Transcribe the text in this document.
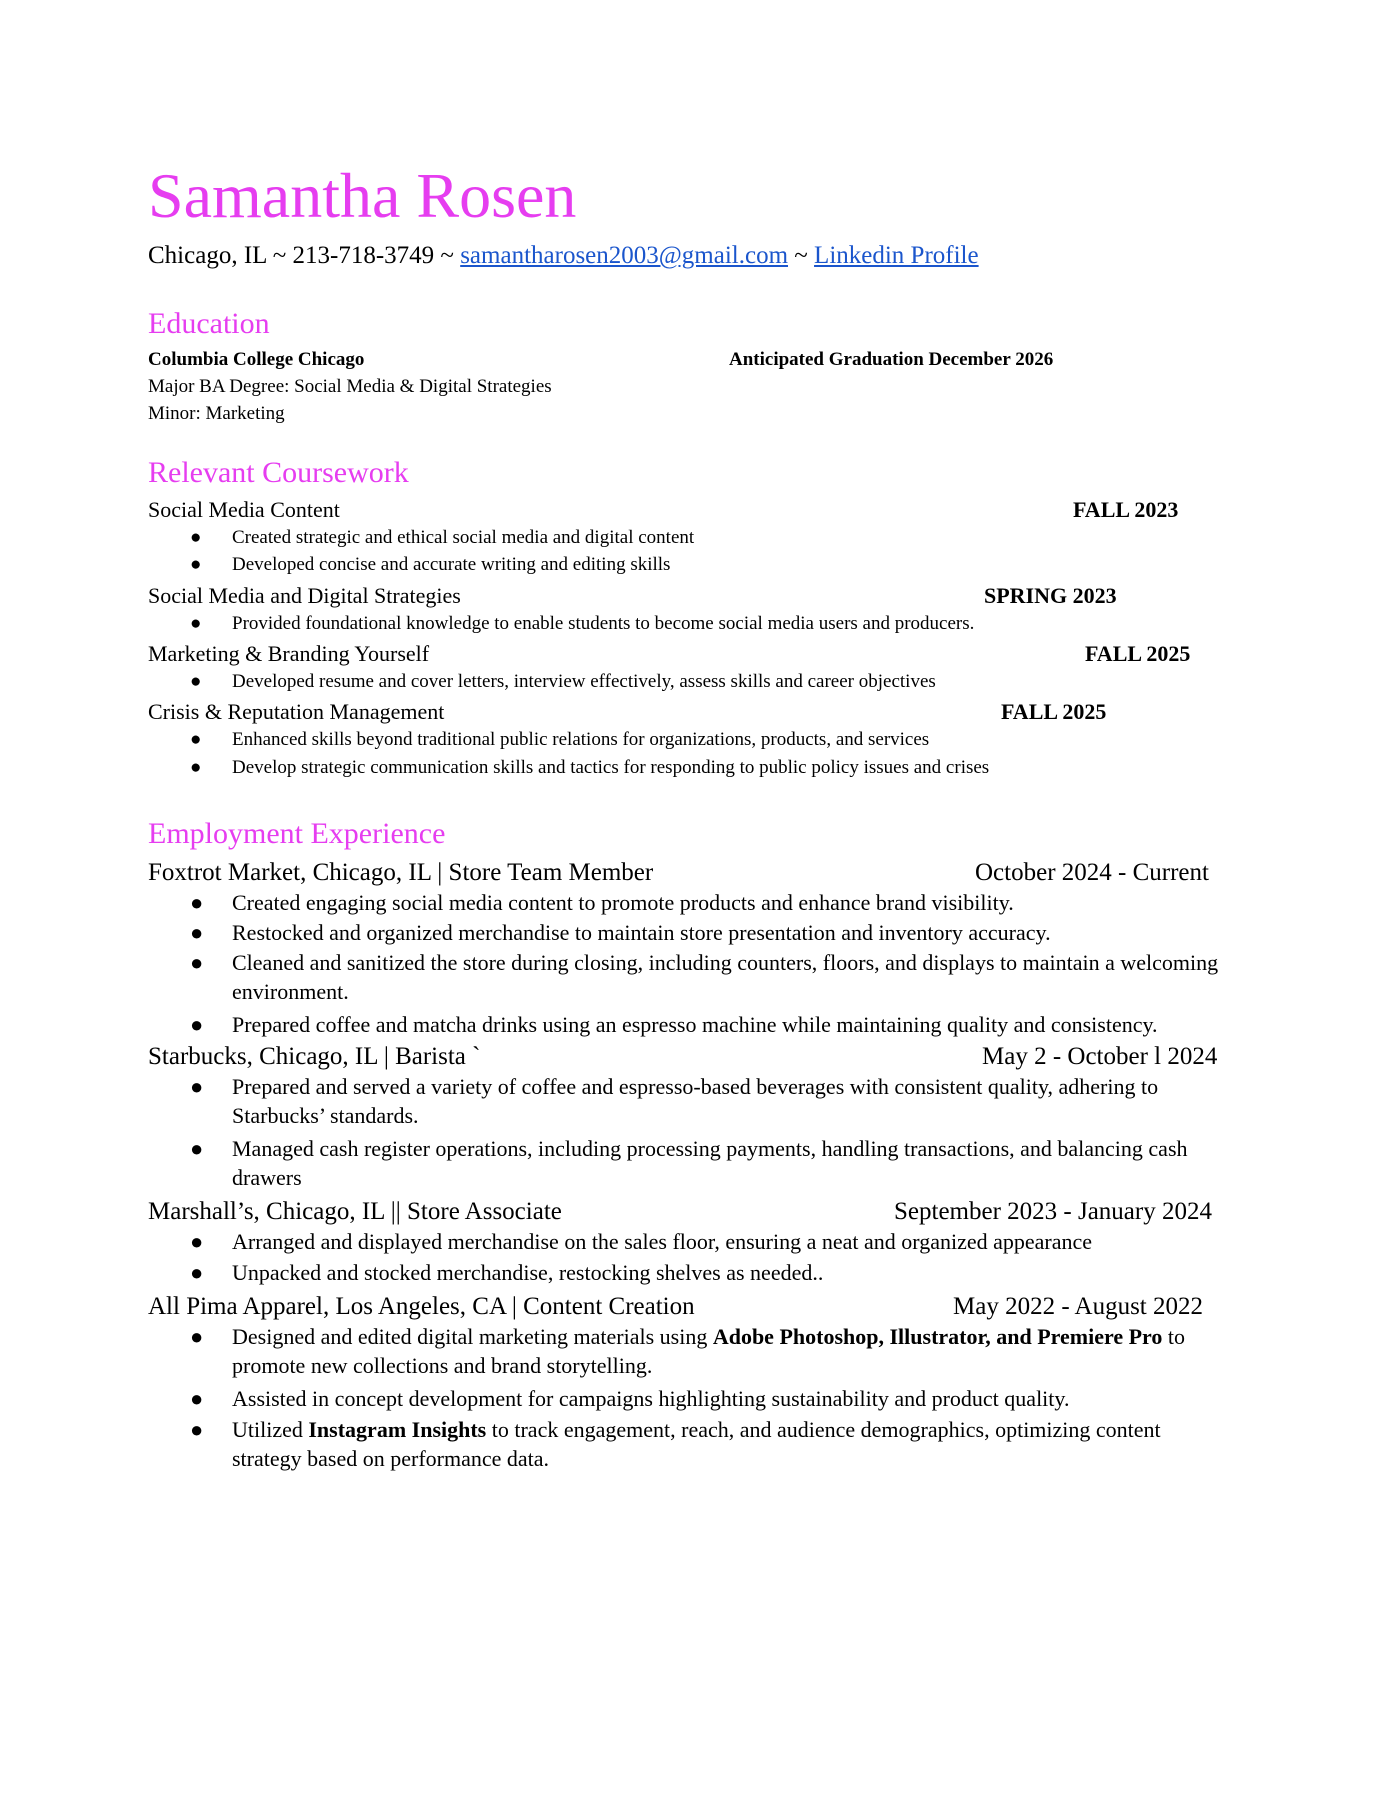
Samantha Rosen
Chicago, IL ~ 213-718-3749 ~ samantharosen2003@gmail.com ~ Linkedin Profile
Education
Columbia College Chicago	Anticipated Graduation December 2026
Major BA Degree: Social Media & Digital Strategies
Minor: Marketing
Relevant Coursework
Social Media Content	FALL 2023
● Created strategic and ethical social media and digital content
● Developed concise and accurate writing and editing skills
Social Media and Digital Strategies	SPRING 2023
● Provided foundational knowledge to enable students to become social media users and producers.
Marketing & Branding Yourself	FALL 2025
● Developed resume and cover letters, interview effectively, assess skills and career objectives
Crisis & Reputation Management	FALL 2025
● Enhanced skills beyond traditional public relations for organizations, products, and services
● Develop strategic communication skills and tactics for responding to public policy issues and crises
Employment Experience
Foxtrot Market, Chicago, IL | Store Team Member	October 2024 - Current
● Created engaging social media content to promote products and enhance brand visibility.
● Restocked and organized merchandise to maintain store presentation and inventory accuracy.
● Cleaned and sanitized the store during closing, including counters, floors, and displays to maintain a welcoming environment.
● Prepared coffee and matcha drinks using an espresso machine while maintaining quality and consistency.
Starbucks, Chicago, IL | Barista `	May 2 - October l 2024
● Prepared and served a variety of coffee and espresso-based beverages with consistent quality, adhering to Starbucks’ standards.
● Managed cash register operations, including processing payments, handling transactions, and balancing cash drawers
Marshall’s, Chicago, IL || Store Associate	September 2023 - January 2024
● Arranged and displayed merchandise on the sales floor, ensuring a neat and organized appearance
● Unpacked and stocked merchandise, restocking shelves as needed..
All Pima Apparel, Los Angeles, CA | Content Creation	May 2022 - August 2022
● Designed and edited digital marketing materials using Adobe Photoshop, Illustrator, and Premiere Pro to promote new collections and brand storytelling.
● Assisted in concept development for campaigns highlighting sustainability and product quality.
● Utilized Instagram Insights to track engagement, reach, and audience demographics, optimizing content strategy based on performance data.
